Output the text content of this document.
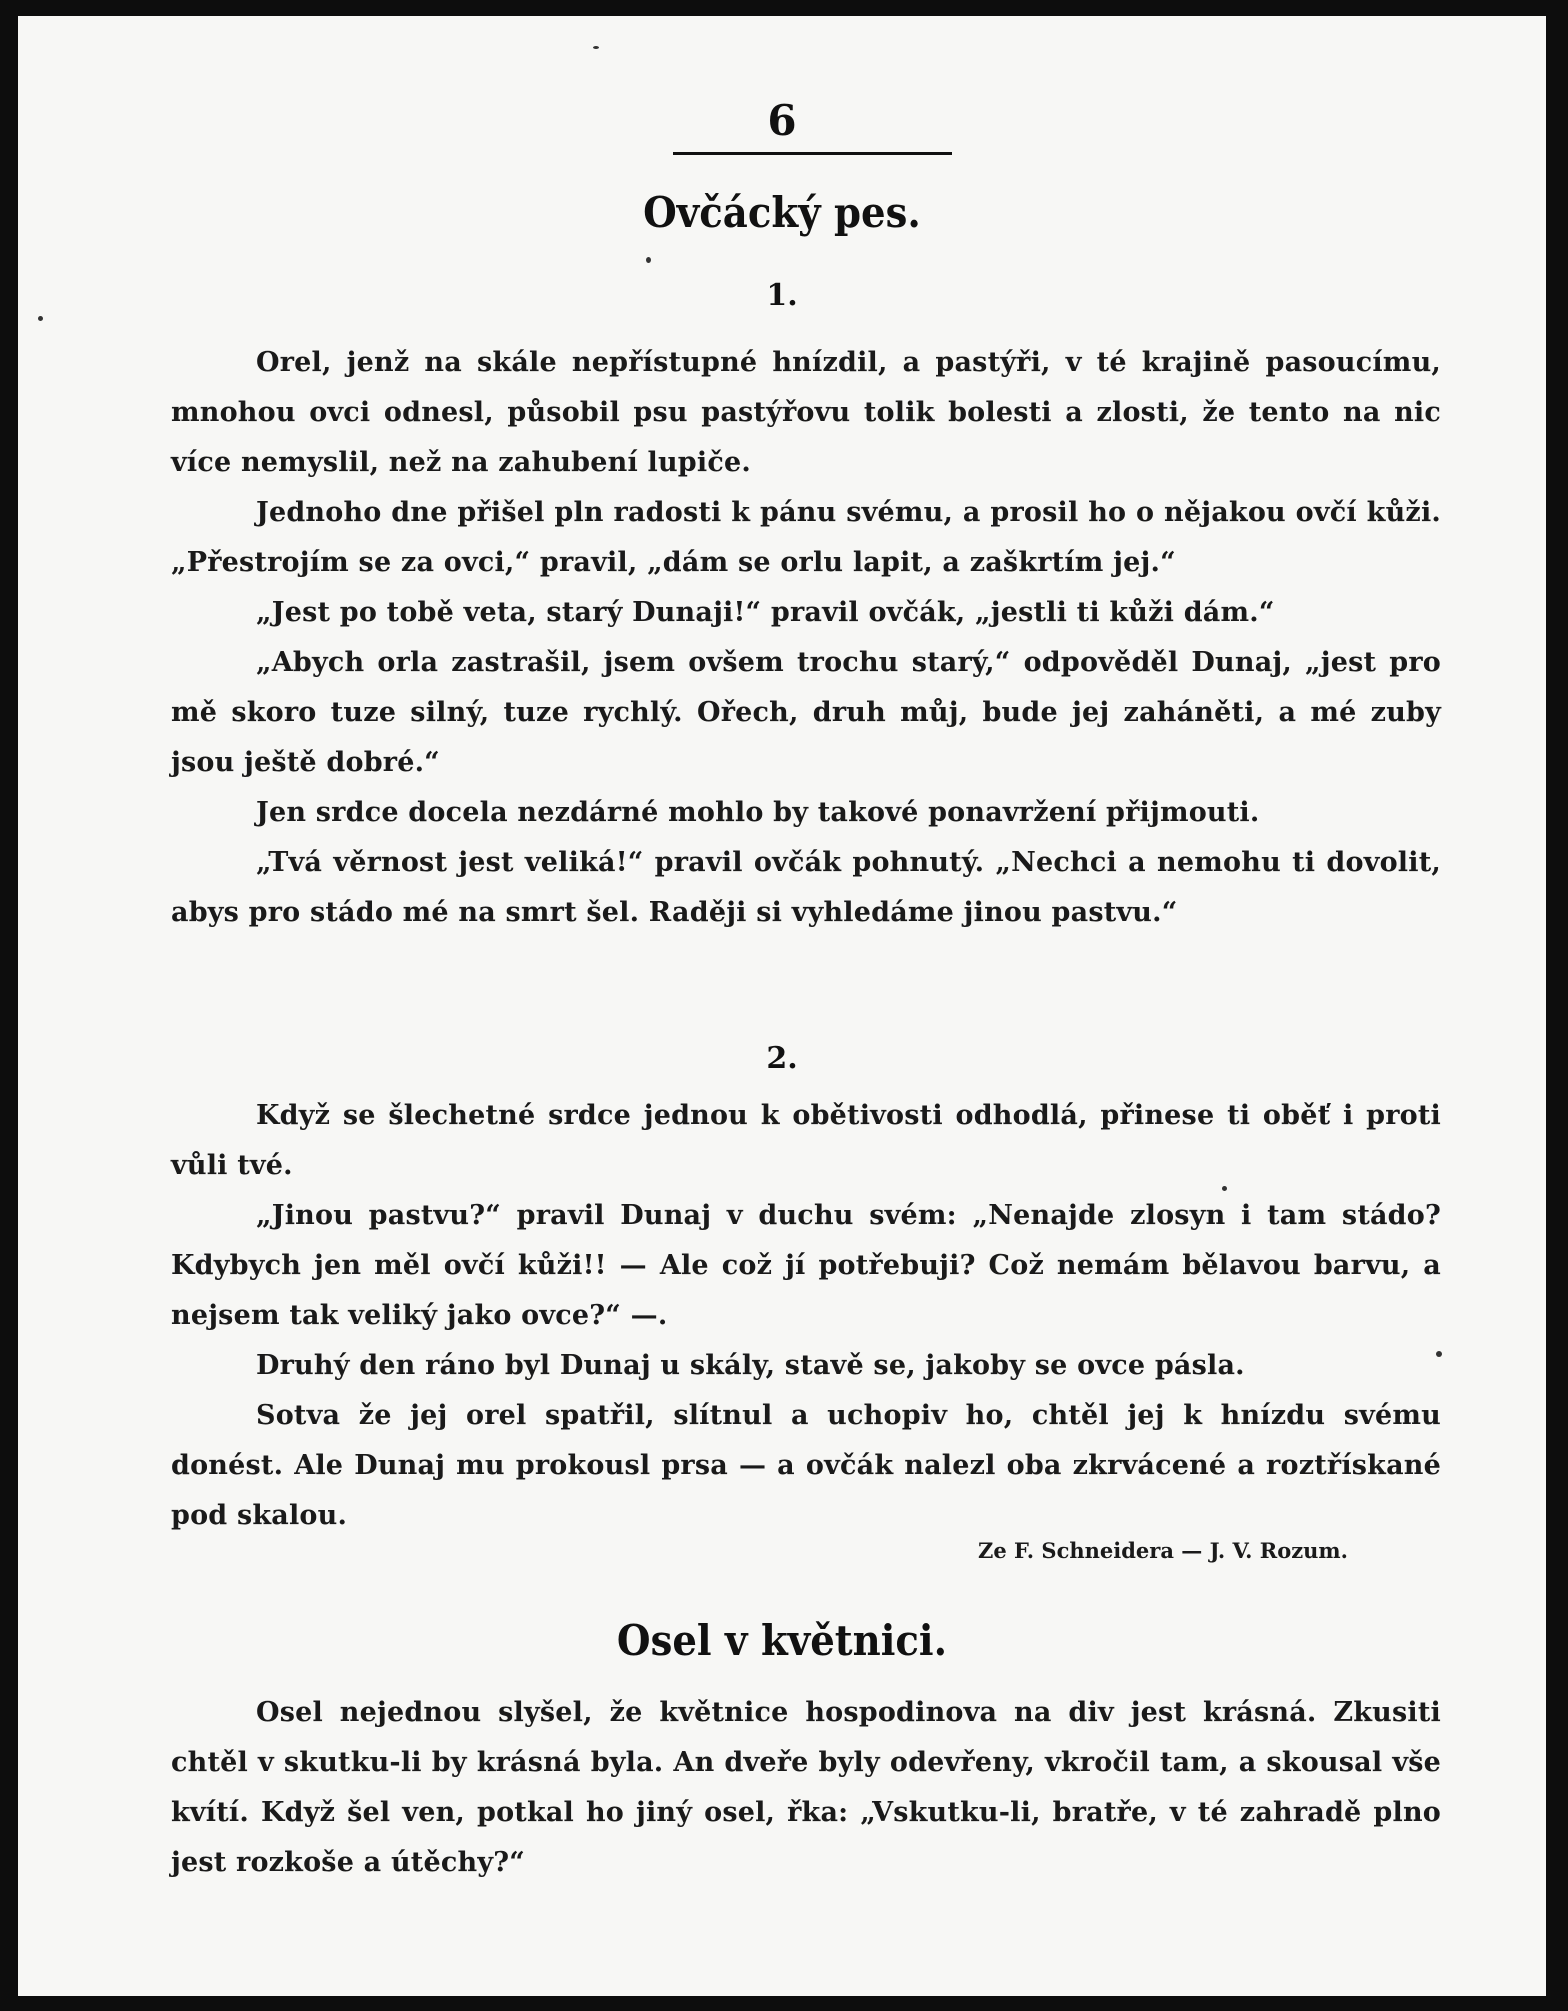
6
Ovčácký pes.
1.

Orel, jenž na skále nepřístupné hnízdil, a pastýři, v té krajině pasoucímu, mnohou ovci odnesl, působil psu pastýřovu tolik bolesti a zlosti, že tento na nic více nemyslil, než na zahubení lupiče.

Jednoho dne přišel pln radosti k pánu svému, a prosil ho o nějakou ovčí kůži. „Přestrojím se za ovci,“ pravil, „dám se orlu lapit, a zaškrtím jej.“

„Jest po tobě veta, starý Dunaji!“ pravil ovčák, „jestli ti kůži dám.“

„Abych orla zastrašil, jsem ovšem trochu starý,“ odpověděl Dunaj, „jest pro mě skoro tuze silný, tuze rychlý. Ořech, druh můj, bude jej zaháněti, a mé zuby jsou ještě dobré.“

Jen srdce docela nezdárné mohlo by takové ponavržení přijmouti.

„Tvá věrnost jest veliká!“ pravil ovčák pohnutý. „Nechci a nemohu ti dovolit, abys pro stádo mé na smrt šel. Raději si vyhledáme jinou pastvu.“

2.

Když se šlechetné srdce jednou k obětivosti odhodlá, přinese ti oběť i proti vůli tvé.

„Jinou pastvu?“ pravil Dunaj v duchu svém: „Nenajde zlosyn i tam stádo? Kdybych jen měl ovčí kůži!! — Ale což jí potřebuji? Což nemám bělavou barvu, a nejsem tak veliký jako ovce?“ —.

Druhý den ráno byl Dunaj u skály, stavě se, jakoby se ovce pásla.

Sotva že jej orel spatřil, slítnul a uchopiv ho, chtěl jej k hnízdu svému donést. Ale Dunaj mu prokousl prsa — a ovčák nalezl oba zkrvácené a roztřískané pod skalou.

Ze F. Schneidera — J. V. Rozum.
Osel v květnici.

Osel nejednou slyšel, že květnice hospodinova na div jest krásná. Zkusiti chtěl v skutku-li by krásná byla. An dveře byly odevřeny, vkročil tam, a skousal vše kvítí. Když šel ven, potkal ho jiný osel, řka: „Vskutku-li, bratře, v té zahradě plno jest rozkoše a útěchy?“
